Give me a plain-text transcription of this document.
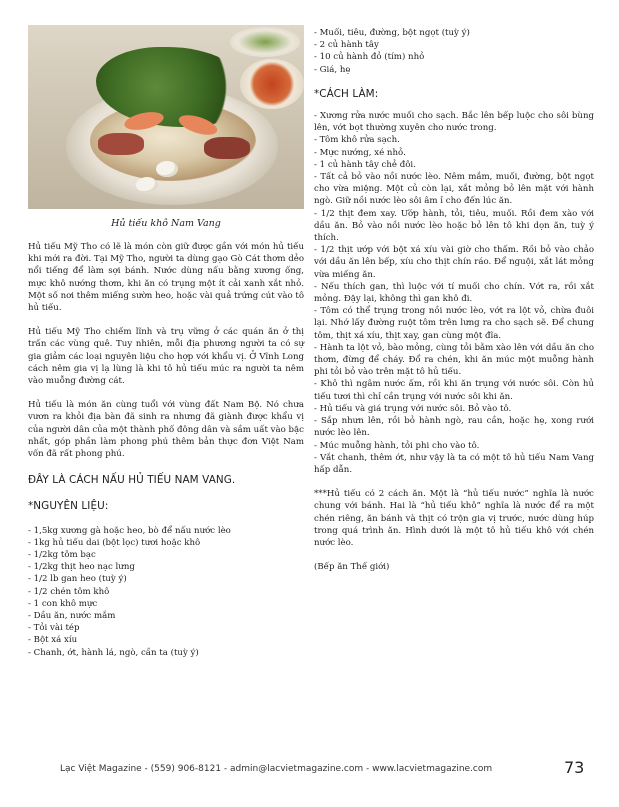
Hủ tiếu khô Nam Vang

Hủ tiếu Mỹ Tho có lẽ là món còn giữ được gần với món hủ tiếu khi mới ra đời. Tại Mỹ Tho, người ta dùng gạo Gò Cát thơm dẻo nổi tiếng để làm sợi bánh. Nước dùng nấu bằng xương ống, mực khô nướng thơm, khi ăn có trụng một ít cải xanh xắt nhỏ. Một số nơi thêm miếng sườn heo, hoặc vài quả trứng cút vào tô hủ tiếu.

Hủ tiếu Mỹ Tho chiếm lĩnh và trụ vững ở các quán ăn ở thị trấn các vùng quê. Tuy nhiên, mỗi địa phương người ta có sự gia giảm các loại nguyên liệu cho hợp với khẩu vị. Ở Vĩnh Long cách nêm gia vị lạ lùng là khi tô hủ tiếu múc ra người ta nêm vào muỗng đường cát.

Hủ tiếu là món ăn cùng tuổi với vùng đất Nam Bộ. Nó chưa vươn ra khỏi địa bàn đã sinh ra nhưng đã giành được khẩu vị của người dân của một thành phố đông dân và sầm uất vào bậc nhất, góp phần làm phong phú thêm bản thực đơn Việt Nam vốn đã rất phong phú.

ĐÂY LÀ CÁCH NẤU HỦ TIẾU NAM VANG.

*NGUYÊN LIỆU:

- 1,5kg xương gà hoặc heo, bò để nấu nước lèo

- 1kg hủ tiếu dai (bột lọc) tươi hoặc khô

- 1/2kg tôm bạc

- 1/2kg thịt heo nạc lưng

- 1/2 lb gan heo (tuỳ ý)

- 1/2 chén tôm khô

- 1 con khô mực

- Dầu ăn, nước mắm

- Tỏi vài tép

- Bột xá xíu

- Chanh, ớt, hành lá, ngò, cần ta (tuỳ ý)

- Muối, tiêu, đường, bột ngọt (tuỳ ý)

- 2 củ hành tây

- 10 củ hành đỏ (tím) nhỏ

- Giá, hẹ

*CÁCH LÀM:

- Xương rửa nước muối cho sạch. Bắc lên bếp luộc cho sôi bùng lên, vớt bọt thường xuyên cho nước trong.

- Tôm khô rửa sạch.

- Mực nướng, xé nhỏ.

- 1 củ hành tây chẻ đôi.

- Tất cả bỏ vào nồi nước lèo. Nêm mắm, muối, đường, bột ngọt cho vừa miệng. Một củ còn lại, xắt mỏng bỏ lên mặt với hành ngò. Giữ nồi nước lèo sôi âm ỉ cho đến lúc ăn.

- 1/2 thịt đem xay. Ướp hành, tỏi, tiêu, muối. Rồi đem xào với dầu ăn. Bỏ vào nồi nước lèo hoặc bỏ lên tô khi dọn ăn, tuỳ ý thích.

- 1/2 thịt ướp với bột xá xíu vài giờ cho thấm. Rồi bỏ vào chảo với dầu ăn lên bếp, xíu cho thịt chín ráo. Để nguội, xắt lát mỏng vừa miếng ăn.

- Nếu thích gan, thì luộc với tí muối cho chín. Vớt ra, rồi xắt mỏng. Đậy lại, không thì gan khô đi.

- Tôm có thể trụng trong nồi nước lèo, vớt ra lột vỏ, chừa đuôi lại. Nhớ lấy đường ruột tôm trên lưng ra cho sạch sẽ. Để chung tôm, thịt xá xíu, thịt xay, gan cùng một đĩa.

- Hành ta lột vỏ, bào mỏng, cùng tỏi bằm xào lên với dầu ăn cho thơm, đừng để cháy. Đổ ra chén, khi ăn múc một muỗng hành phi tỏi bỏ vào trên mặt tô hủ tiếu.

- Khô thì ngâm nước ấm, rồi khi ăn trụng với nước sôi. Còn hủ tiếu tươi thì chỉ cần trụng với nước sôi khi ăn.

- Hủ tiếu và giá trụng với nước sôi. Bỏ vào tô.

- Sắp nhưn lên, rồi bỏ hành ngò, rau cần, hoặc hẹ, xong rưới nước lèo lên.

- Múc muỗng hành, tỏi phi cho vào tô.

- Vắt chanh, thêm ớt, như vậy là ta có một tô hủ tiếu Nam Vang hấp dẫn.

***Hủ tiếu có 2 cách ăn. Một là “hủ tiếu nước” nghĩa là nước chung với bánh. Hai là “hủ tiếu khô” nghĩa là nước để ra một chén riêng, ăn bánh và thịt có trộn gia vị trước, nước dùng húp trong quá trình ăn. Hình dưới là một tô hủ tiếu khô với chén nước lèo.

(Bếp ăn Thế giới)

Lạc Việt Magazine - (559) 906-8121 - admin@lacvietmagazine.com - www.lacvietmagazine.com	73
